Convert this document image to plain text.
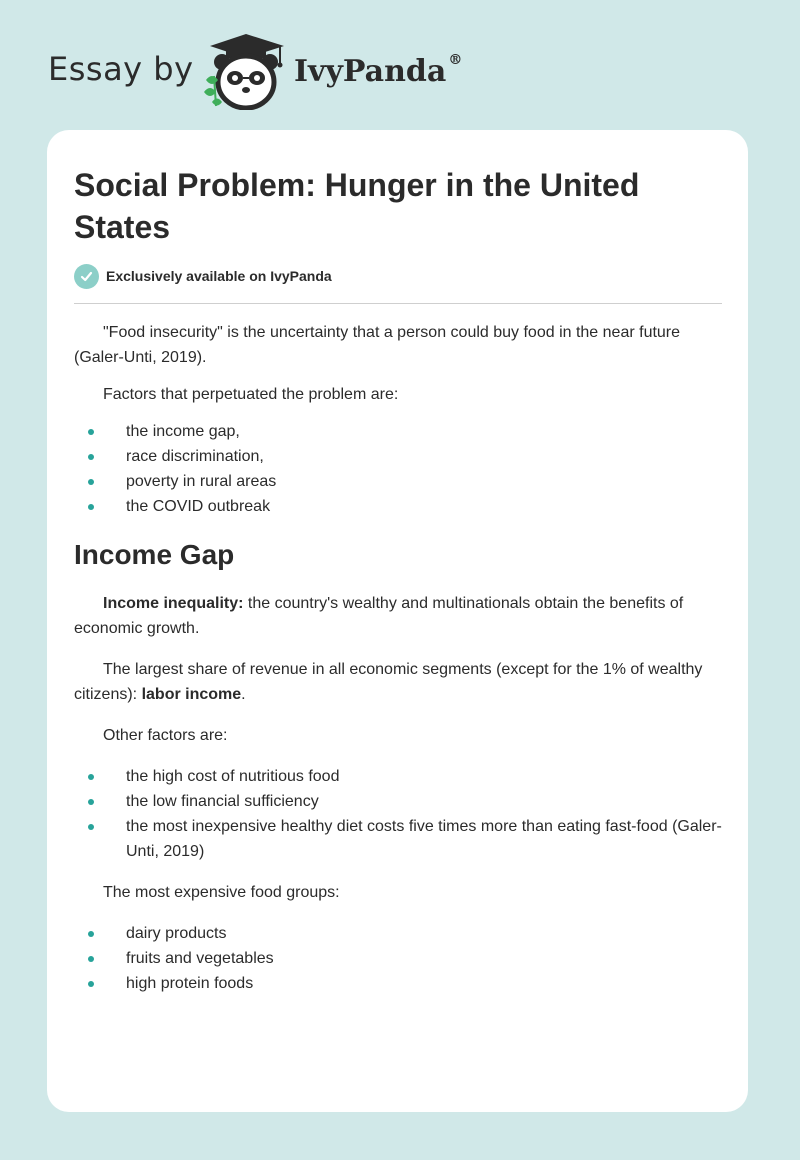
Essay by	IvyPanda ®
Social Problem: Hunger in the United States
Exclusively available on IvyPanda

"Food insecurity" is the uncertainty that a person could buy food in the near future (Galer-Unti, 2019).

Factors that perpetuated the problem are:

the income gap,
race discrimination,
poverty in rural areas
the COVID outbreak
Income Gap

Income inequality: the country's wealthy and multinationals obtain the benefits of economic growth.

The largest share of revenue in all economic segments (except for the 1% of wealthy citizens): labor income.

Other factors are:

the high cost of nutritious food
the low financial sufficiency
the most inexpensive healthy diet costs five times more than eating fast-food (Galer-Unti, 2019)

The most expensive food groups:

dairy products
fruits and vegetables
high protein foods
